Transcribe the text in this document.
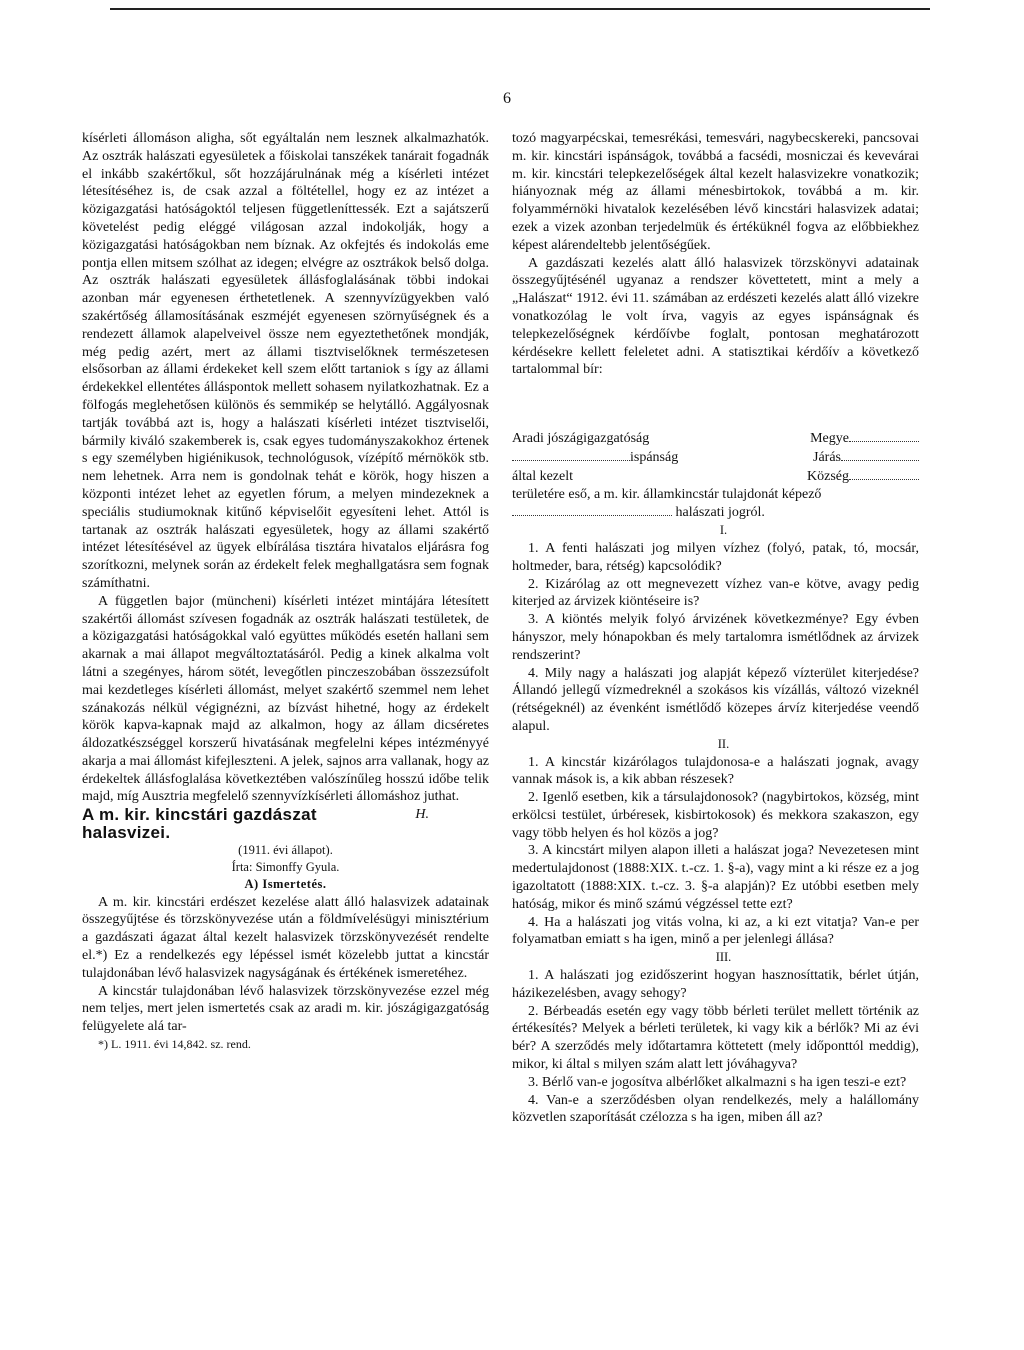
6

kísérleti állomáson aligha, sőt egyáltalán nem lesznek alkalmazhatók. Az osztrák halászati egyesületek a főiskolai tanszékek tanárait fogadnák el inkább szakértőkul, sőt hozzájárulnának még a kísérleti intézet létesítéséhez is, de csak azzal a föltétellel, hogy ez az intézet a közigazgatási hatóságoktól teljesen függetleníttessék. Ezt a sajátszerű követelést pedig eléggé világosan azzal indokolják, hogy a közigazgatási hatóságokban nem bíznak. Az okfejtés és indokolás eme pontja ellen mitsem szólhat az idegen; elvégre az osztrákok belső dolga. Az osztrák halászati egyesületek állásfoglalásának többi indokai azonban már egyenesen érthetetlenek. A szennyvízügyekben való szakértőség államosításának eszméjét egyenesen szörnyűségnek és a rendezett államok alapelveivel össze nem egyeztethetőnek mondják, még pedig azért, mert az állami tisztviselőknek természetesen elsősorban az állami érdekeket kell szem előtt tartaniok s így az állami érdekekkel ellentétes álláspontok mellett sohasem nyilatkozhatnak. Ez a fölfogás meglehetősen különös és semmikép se helytálló. Aggályosnak tartják továbbá azt is, hogy a halászati kísérleti intézet tisztviselői, bármily kiváló szakemberek is, csak egyes tudományszakokhoz értenek s egy személyben higiénikusok, technológusok, vízépítő mérnökök stb. nem lehetnek. Arra nem is gondolnak tehát e körök, hogy hiszen a központi intézet lehet az egyetlen fórum, a melyen mindezeknek a speciális studiumoknak kitűnő képviselőit egyesíteni lehet. Attól is tartanak az osztrák halászati egyesületek, hogy az állami szakértő intézet létesítésével az ügyek elbírálása tisztára hivatalos eljárásra fog szorítkozni, melynek során az érdekelt felek meghallgatásra sem fognak számíthatni.

A független bajor (müncheni) kísérleti intézet mintájára létesített szakértői állomást szívesen fogadnák az osztrák halászati testületek, de a közigazgatási hatóságokkal való együttes működés esetén hallani sem akarnak a mai állapot megváltoztatásáról. Pedig a kinek alkalma volt látni a szegényes, három sötét, levegőtlen pinczeszobában összezsúfolt mai kezdetleges kísérleti állomást, melyet szakértő szemmel nem lehet szánakozás nélkül végignézni, az bízvást hihetné, hogy az érdekelt körök kapva-kapnak majd az alkalmon, hogy az állam dicséretes áldozatkészséggel korszerű hivatásának megfelelni képes intézményyé akarja a mai állomást kifejleszteni. A jelek, sajnos arra vallanak, hogy az érdekeltek állásfoglalása következtében valószínűleg hosszú időbe telik majd, míg Ausztria megfelelő szennyvízkísérleti állomáshoz juthat.
H.

A m. kir. kincstári gazdászat halasvizei.

(1911. évi állapot).

Írta: Simonffy Gyula.

A) Ismertetés.

A m. kir. kincstári erdészet kezelése alatt álló halasvizek adatainak összegyűjtése és törzskönyvezése után a földmívelésügyi minisztérium a gazdászati ágazat által kezelt halasvizek törzskönyvezését rendelte el.*) Ez a rendelkezés egy lépéssel ismét közelebb juttat a kincstár tulajdonában lévő halasvizek nagyságának és értékének ismeretéhez.

A kincstár tulajdonában lévő halasvizek törzskönyvezése ezzel még nem teljes, mert jelen ismertetés csak az aradi m. kir. jószágigazgatóság felügyelete alá tar-

*) L. 1911. évi 14,842. sz. rend.

tozó magyarpécskai, temesrékási, temesvári, nagybecskereki, pancsovai m. kir. kincstári ispánságok, továbbá a facsédi, mosniczai és kevevárai m. kir. kincstári telepkezelőségek által kezelt halasvizekre vonatkozik; hiányoznak még az állami ménesbirtokok, továbbá a m. kir. folyammérnöki hivatalok kezelésében lévő kincstári halasvizek adatai; ezek a vizek azonban terjedelmük és értéküknél fogva az előbbiekhez képest alárendeltebb jelentőségűek.

A gazdászati kezelés alatt álló halasvizek törzskönyvi adatainak összegyűjtésénél ugyanaz a rendszer követtetett, mint a mely a „Halászat“ 1912. évi 11. számában az erdészeti kezelés alatt álló vizekre vonatkozólag le volt írva, vagyis az egyes ispánságnak és telepkezelőségnek kérdőívbe foglalt, pontosan meghatározott kérdésekre kellett feleletet adni. A statisztikai kérdőív a következő tartalommal bír:

Aradi jószágigazgatóság	Megye
ispánság	Járás
által kezelt	Község

területére eső, a m. kir. államkincstár tulajdonát képező

halászati jogról.

I.

1. A fenti halászati jog milyen vízhez (folyó, patak, tó, mocsár, holtmeder, bara, rétség) kapcsolódik?

2. Kizárólag az ott megnevezett vízhez van-e kötve, avagy pedig kiterjed az árvizek kiöntéseire is?

3. A kiöntés melyik folyó árvizének következménye? Egy évben hányszor, mely hónapokban és mely tartalomra ismétlődnek az árvizek rendszerint?

4. Mily nagy a halászati jog alapját képező vízterület kiterjedése? Állandó jellegű vízmedreknél a szokásos kis vízállás, változó vizeknél (rétségeknél) az évenként ismétlődő közepes árvíz kiterjedése veendő alapul.

II.

1. A kincstár kizárólagos tulajdonosa-e a halászati jognak, avagy vannak mások is, a kik abban részesek?

2. Igenlő esetben, kik a társulajdonosok? (nagybirtokos, község, mint erkölcsi testület, úrbéresek, kisbirtokosok) és mekkora szakaszon, egy vagy több helyen és hol közös a jog?

3. A kincstárt milyen alapon illeti a halászat joga? Nevezetesen mint medertulajdonost (1888:XIX. t.-cz. 1. §-a), vagy mint a ki része ez a jog igazoltatott (1888:XIX. t.-cz. 3. §-a alapján)? Ez utóbbi esetben mely hatóság, mikor és minő számú végzéssel tette ezt?

4. Ha a halászati jog vitás volna, ki az, a ki ezt vitatja? Van-e per folyamatban emiatt s ha igen, minő a per jelenlegi állása?

III.

1. A halászati jog ezidőszerint hogyan hasznosíttatik, bérlet útján, házikezelésben, avagy sehogy?

2. Bérbeadás esetén egy vagy több bérleti terület mellett történik az értékesítés? Melyek a bérleti területek, ki vagy kik a bérlők? Mi az évi bér? A szerződés mely időtartamra köttetett (mely időponttól meddig), mikor, ki által s milyen szám alatt lett jóváhagyva?

3. Bérlő van-e jogosítva albérlőket alkalmazni s ha igen teszi-e ezt?

4. Van-e a szerződésben olyan rendelkezés, mely a halállomány közvetlen szaporítását czélozza s ha igen, miben áll az?
